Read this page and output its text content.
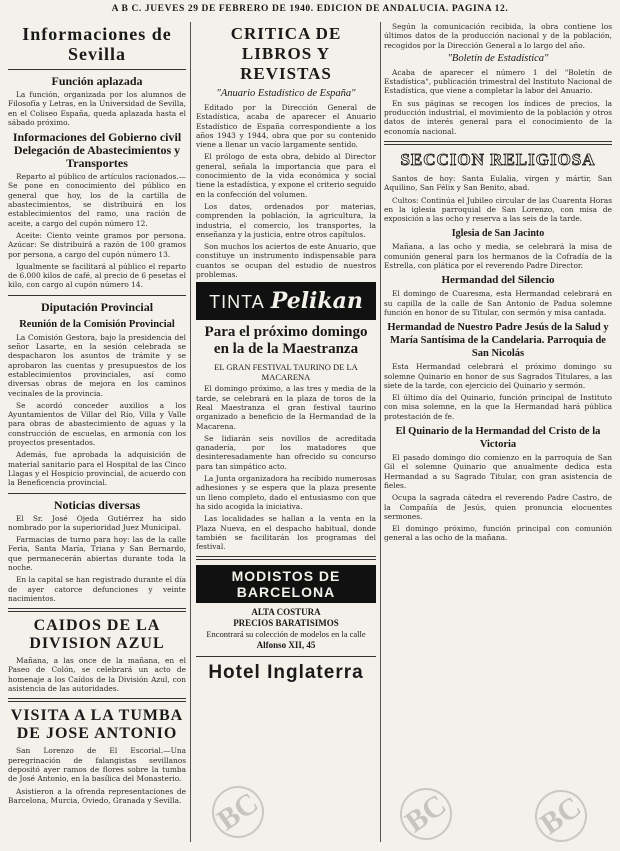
A B C. JUEVES 29 DE FEBRERO DE 1940. EDICION DE ANDALUCIA. PAGINA 12.
Informaciones de Sevilla
Función aplazada

La función, organizada por los alumnos de Filosofía y Letras, en la Universidad de Sevilla, en el Coliseo España, queda aplazada hasta el sábado próximo.

Informaciones del Gobierno civil Delegación de Abastecimientos y Transportes

Reparto al público de artículos racionados.—Se pone en conocimiento del público en general que hoy, los de la cartilla de abastecimientos, se distribuirá en los establecimientos del ramo, una ración de aceite, a cargo del cupón número 12.

Aceite: Ciento veinte gramos por persona. Azúcar: Se distribuirá a razón de 100 gramos por persona, a cargo del cupón número 13.

Igualmente se facilitará al público el reparto de 6.000 kilos de café, al precio de 6 pesetas el kilo, con cargo al cupón número 14.

Diputación Provincial
Reunión de la Comisión Provincial

La Comisión Gestora, bajo la presidencia del señor Lasarte, en la sesión celebrada se despacharon los asuntos de trámite y se aprobaron las cuentas y presupuestos de los establecimientos provinciales, así como diversas obras de mejora en los caminos vecinales de la provincia.

Se acordó conceder auxilios a los Ayuntamientos de Villar del Río, Villa y Valle para obras de abastecimiento de aguas y la construcción de escuelas, en armonía con los proyectos presentados.

Además, fue aprobada la adquisición de material sanitario para el Hospital de las Cinco Llagas y el Hospicio provincial, de acuerdo con la Beneficencia provincial.

Noticias diversas

El Sr. José Ojeda Gutiérrez ha sido nombrado por la superioridad Juez Municipal.

Farmacias de turno para hoy: las de la calle Feria, Santa María, Triana y San Bernardo, que permanecerán abiertas durante toda la noche.

En la capital se han registrado durante el día de ayer catorce defunciones y veinte nacimientos.

CAIDOS DE LA DIVISION AZUL

Mañana, a las once de la mañana, en el Paseo de Colón, se celebrará un acto de homenaje a los Caídos de la División Azul, con asistencia de las autoridades.

VISITA A LA TUMBA DE JOSE ANTONIO

San Lorenzo de El Escorial.—Una peregrinación de falangistas sevillanos depositó ayer ramos de flores sobre la tumba de José Antonio, en la basílica del Monasterio.

Asistieron a la ofrenda representaciones de Barcelona, Murcia, Oviedo, Granada y Sevilla.

CRITICA DE LIBROS Y REVISTAS
"Anuario Estadístico de España"

Editado por la Dirección General de Estadística, acaba de aparecer el Anuario Estadístico de España correspondiente a los años 1943 y 1944, obra que por su contenido viene a llenar un vacío largamente sentido.

El prólogo de esta obra, debido al Director general, señala la importancia que para el conocimiento de la vida económica y social tiene la estadística, y expone el criterio seguido en la confección del volumen.

Los datos, ordenados por materias, comprenden la población, la agricultura, la industria, el comercio, los transportes, la enseñanza y la justicia, entre otros capítulos.

Son muchos los aciertos de este Anuario, que constituye un instrumento indispensable para cuantos se ocupan del estudio de nuestros problemas.

TINTA Pelikan
Para el próximo domingo en la de la Maestranza
EL GRAN FESTIVAL TAURINO DE LA MACARENA

El domingo próximo, a las tres y media de la tarde, se celebrará en la plaza de toros de la Real Maestranza el gran festival taurino organizado a beneficio de la Hermandad de la Macarena.

Se lidiarán seis novillos de acreditada ganadería, por los matadores que desinteresadamente han ofrecido su concurso para tan simpático acto.

La Junta organizadora ha recibido numerosas adhesiones y se espera que la plaza presente un lleno completo, dado el entusiasmo con que ha sido acogida la iniciativa.

Las localidades se hallan a la venta en la Plaza Nueva, en el despacho habitual, donde también se facilitarán los programas del festival.

MODISTOS DE BARCELONA
ALTA COSTURA
PRECIOS BARATISIMOS
Encontrará su colección de modelos en la calle
Alfonso XII, 45
Hotel Inglaterra

Según la comunicación recibida, la obra contiene los últimos datos de la producción nacional y de la población, recogidos por la Dirección General a lo largo del año.

"Boletín de Estadística"

Acaba de aparecer el número 1 del "Boletín de Estadística", publicación trimestral del Instituto Nacional de Estadística, que viene a completar la labor del Anuario.

En sus páginas se recogen los índices de precios, la producción industrial, el movimiento de la población y otros datos de interés general para el conocimiento de la economía nacional.

SECCION RELIGIOSA

Santos de hoy: Santa Eulalia, virgen y mártir, San Aquilino, San Félix y San Benito, abad.

Cultos: Continúa el Jubileo circular de las Cuarenta Horas en la iglesia parroquial de San Lorenzo, con misa de exposición a las ocho y reserva a las seis de la tarde.

Iglesia de San Jacinto

Mañana, a las ocho y media, se celebrará la misa de comunión general para los hermanos de la Cofradía de la Estrella, con plática por el reverendo Padre Director.

Hermandad del Silencio

El domingo de Cuaresma, esta Hermandad celebrará en su capilla de la calle de San Antonio de Padua solemne función en honor de su Titular, con sermón y misa cantada.

Hermandad de Nuestro Padre Jesús de la Salud y María Santísima de la Candelaria. Parroquia de San Nicolás

Esta Hermandad celebrará el próximo domingo su solemne Quinario en honor de sus Sagrados Titulares, a las siete de la tarde, con ejercicio del Quinario y sermón.

El último día del Quinario, función principal de Instituto con misa solemne, en la que la Hermandad hará pública protestación de fe.

El Quinario de la Hermandad del Cristo de la Victoria

El pasado domingo dio comienzo en la parroquia de San Gil el solemne Quinario que anualmente dedica esta Hermandad a su Sagrado Titular, con gran asistencia de fieles.

Ocupa la sagrada cátedra el reverendo Padre Castro, de la Compañía de Jesús, quien pronuncia elocuentes sermones.

El domingo próximo, función principal con comunión general a las ocho de la mañana.

BC	BC	BC
